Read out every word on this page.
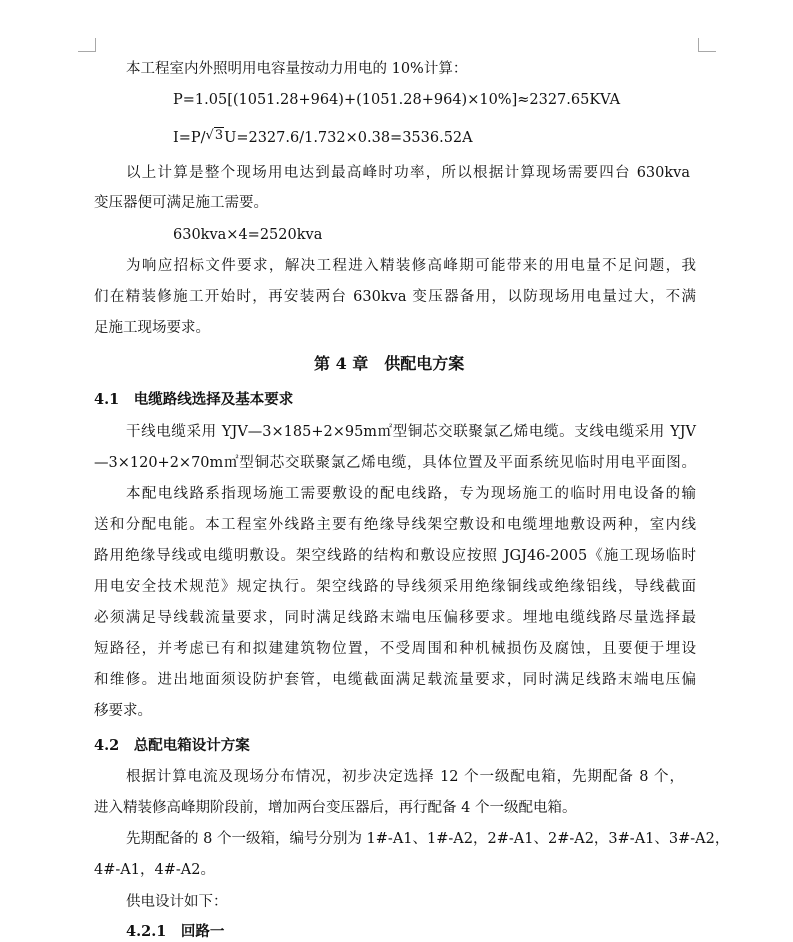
本工程室内外照明用电容量按动力用电的 10%计算：
P=1.05[(1051.28+964)+(1051.28+964)×10%]≈2327.65KVA
I=P/√3U=2327.6/1.732×0.38=3536.52A
以上计算是整个现场用电达到最高峰时功率，所以根据计算现场需要四台 630kva
变压器便可满足施工需要。
630kva×4=2520kva
为响应招标文件要求，解决工程进入精装修高峰期可能带来的用电量不足问题，我
们在精装修施工开始时，再安装两台 630kva 变压器备用，以防现场用电量过大，不满
足施工现场要求。
第 4 章　供配电方案
4.1　电缆路线选择及基本要求
干线电缆采用 YJV—3×185+2×95m㎡型铜芯交联聚氯乙烯电缆。支线电缆采用 YJV
—3×120+2×70m㎡型铜芯交联聚氯乙烯电缆，具体位置及平面系统见临时用电平面图。
本配电线路系指现场施工需要敷设的配电线路，专为现场施工的临时用电设备的输
送和分配电能。本工程室外线路主要有绝缘导线架空敷设和电缆埋地敷设两种，室内线
路用绝缘导线或电缆明敷设。架空线路的结构和敷设应按照 JGJ46-2005《施工现场临时
用电安全技术规范》规定执行。架空线路的导线须采用绝缘铜线或绝缘铝线，导线截面
必须满足导线载流量要求，同时满足线路末端电压偏移要求。埋地电缆线路尽量选择最
短路径，并考虑已有和拟建建筑物位置，不受周围和种机械损伤及腐蚀，且要便于埋设
和维修。进出地面须设防护套管，电缆截面满足载流量要求，同时满足线路末端电压偏
移要求。
4.2　总配电箱设计方案
根据计算电流及现场分布情况，初步决定选择 12 个一级配电箱，先期配备 8 个，
进入精装修高峰期阶段前，增加两台变压器后，再行配备 4 个一级配电箱。
先期配备的 8 个一级箱，编号分别为 1#-A1、1#-A2，2#-A1、2#-A2，3#-A1、3#-A2，
4#-A1，4#-A2。
供电设计如下：
4.2.1　回路一
